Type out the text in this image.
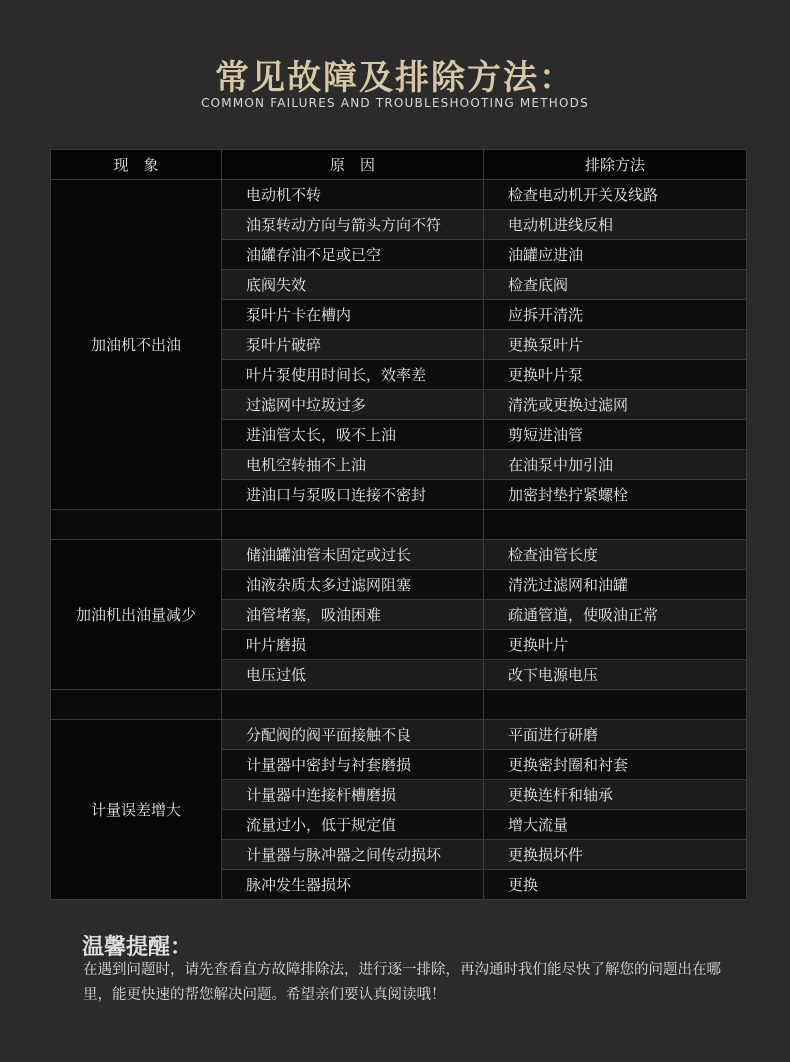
常见故障及排除方法：
COMMON FAILURES AND TROUBLESHOOTING METHODS
现　象	原　因	排除方法
加油机不出油	电动机不转	检查电动机开关及线路
	油泵转动方向与箭头方向不符	电动机进线反相
	油罐存油不足或已空	油罐应进油
	底阀失效	检查底阀
	泵叶片卡在槽内	应拆开清洗
	泵叶片破碎	更换泵叶片
	叶片泵使用时间长，效率差	更换叶片泵
	过滤网中垃圾过多	清洗或更换过滤网
	进油管太长，吸不上油	剪短进油管
	电机空转抽不上油	在油泵中加引油
	进油口与泵吸口连接不密封	加密封垫拧紧螺栓

加油机出油量减少	储油罐油管未固定或过长	检查油管长度
	油液杂质太多过滤网阻塞	清洗过滤网和油罐
	油管堵塞，吸油困难	疏通管道，使吸油正常
	叶片磨损	更换叶片
	电压过低	改下电源电压

计量误差增大	分配阀的阀平面接触不良	平面进行研磨
	计量器中密封与衬套磨损	更换密封圈和衬套
	计量器中连接杆槽磨损	更换连杆和轴承
	流量过小，低于规定值	增大流量
	计量器与脉冲器之间传动损坏	更换损坏件
	脉冲发生器损坏	更换
温馨提醒：
在遇到问题时，请先查看直方故障排除法，进行逐一排除，再沟通时我们能尽快了解您的问题出在哪里，能更快速的帮您解决问题。希望亲们要认真阅读哦！
